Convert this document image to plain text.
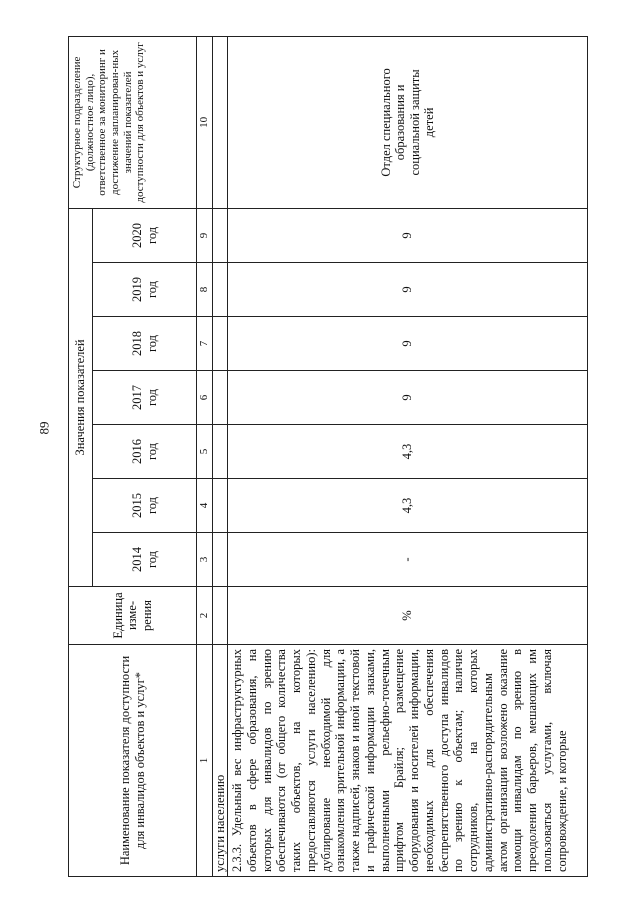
89
Наименование показателя доступности для инвалидов объектов и услуг*	Единица изме-рения	Значения показателей							Структурное подразделение (должностное лицо), ответственное за мониторинг и достижение запланирован-ных значений показателей доступности для объектов и услуг
		2014 год	2015 год	2016 год	2017 год	2018 год	2019 год	2020 год	
1	2	3	4	5	6	7	8	9	10
услуги населению									
2.3.3. Удельный вес инфраструктурных объектов в сфере образования, на которых для инвалидов по зрению обеспечиваются (от общего количества таких объектов, на которых предоставляются услуги населению): дублирование необходимой для ознакомления зрительной информации, а также надписей, знаков и иной текстовой и графической информации знаками, выполненными рельефно-точечным шрифтом Брайля; размещение оборудования и носителей информации, необходимых для обеспечения беспрепятственного доступа инвалидов по зрению к объектам; наличие сотрудников, на которых административно-распорядительным актом организации возложено оказание помощи инвалидам по зрению в преодолении барьеров, мешающих им пользоваться услугами, включая сопровождение, и которые	%	-	4,3	4,3	9	9	9	9	Отдел специального образования и социальной защиты детей
